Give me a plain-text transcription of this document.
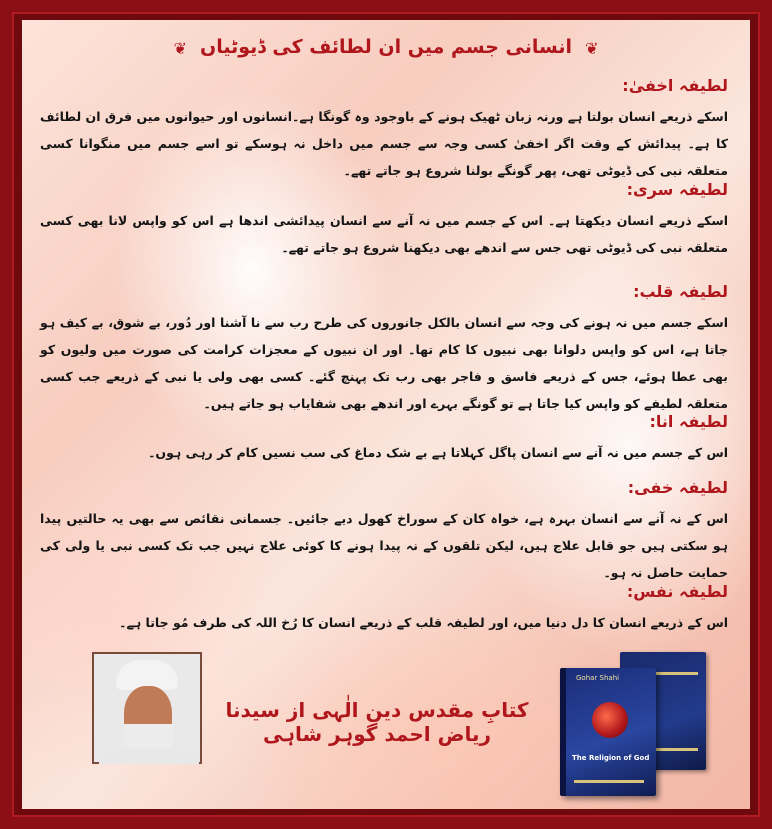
❦ انسانی جسم میں ان لطائف کی ڈیوٹیاں ❦

لطیفہ اخفیٰ:

اسکے ذریعے انسان بولتا ہے ورنہ زبان ٹھیک ہونے کے باوجود وہ گونگا ہے۔انسانوں اور حیوانوں میں فرق ان لطائف کا ہے۔ پیدائش کے وقت اگر اخفیٰ کسی وجہ سے جسم میں داخل نہ ہوسکے تو اسے جسم میں منگوانا کسی متعلقہ نبی کی ڈیوٹی تھی، پھر گونگے بولنا شروع ہو جاتے تھے۔

لطیفہ سری:

اسکے ذریعے انسان دیکھتا ہے۔ اس کے جسم میں نہ آنے سے انسان پیدائشی اندھا ہے اس کو واپس لانا بھی کسی متعلقہ نبی کی ڈیوٹی تھی جس سے اندھے بھی دیکھنا شروع ہو جاتے تھے۔

لطیفہ قلب:

اسکے جسم میں نہ ہونے کی وجہ سے انسان بالکل جانوروں کی طرح رب سے نا آشنا اور دُور، بے شوق، بے کیف ہو جاتا ہے، اس کو واپس دلوانا بھی نبیوں کا کام تھا۔ اور ان نبیوں کے معجزات کرامت کی صورت میں ولیوں کو بھی عطا ہوئے، جس کے ذریعے فاسق و فاجر بھی رب تک پہنچ گئے۔ کسی بھی ولی یا نبی کے ذریعے جب کسی متعلقہ لطیفے کو واپس کیا جاتا ہے تو گونگے بہرے اور اندھے بھی شفایاب ہو جاتے ہیں۔

لطیفہ انا:

اس کے جسم میں نہ آنے سے انسان پاگل کہلاتا ہے بے شک دماغ کی سب نسیں کام کر رہی ہوں۔

لطیفہ خفی:

اس کے نہ آنے سے انسان بہرہ ہے، خواہ کان کے سوراخ کھول دیے جائیں۔ جسمانی نقائص سے بھی یہ حالتیں پیدا ہو سکتی ہیں جو قابل علاج ہیں، لیکن تلقوں کے نہ پیدا ہونے کا کوئی علاج نہیں جب تک کسی نبی یا ولی کی حمایت حاصل نہ ہو۔

لطیفہ نفس:

اس کے ذریعے انسان کا دل دنیا میں، اور لطیفہ قلب کے ذریعے انسان کا رُخ اللہ کی طرف مُو جاتا ہے۔

کتابِ مقدس دینِ الٰہی از سیدنا ریاض احمد گوہر شاہی
Gohar Shahi
The Religion of God
